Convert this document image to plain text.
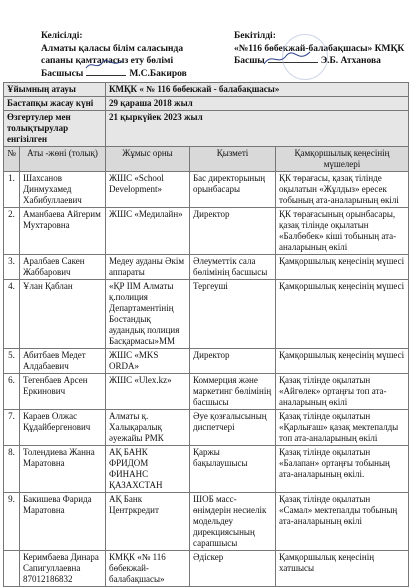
Келісілді:
Алматы қаласы білім саласында
сапаны қамтамасыз ету бөлімі
Басшысы	М.С.Бакиров
Бекітілді:
«№116 бөбекжай-балабақшасы» КМҚК
Басшы	Э.Б. Атханова
Ұйымның атауы		КМҚК « № 116 бөбекжай - балабақшасы»		
Бастапқы жасау күні		29 қараша 2018 жыл		
Өзгертулер мен толықтырулар енгізілген		21 қыркүйек 2023 жыл		
№	Аты -жөні (толық)	Жұмыс орны	Қызметі	Қамқоршылық кеңесінің мүшелері
1.	Шахсанов Динмухамед Хабибуллаевич	ЖШС «School Development»	Бас директорының орынбасары	ҚК төрағасы, қазақ тілінде оқылатын «Жұлдыз» ересек тобының ата-аналарының өкілі
2.	Аманбаева Айгерим Мухтаровна	ЖШС «Медилайн»	Директор	ҚК төрағасының орынбасары, қазақ тілінде оқылатын «Балбөбек» кіші тобының ата-аналарының өкілі
3.	Аралбаев Сакен Жаббарович	Медеу ауданы Әкім аппараты	Әлеуметтік сала бөлімінің басшысы	Қамқоршылық кеңесінің мүшесі
4.	Ұлан Қаблан	«ҚР ІІМ Алматы қ.полиция Департаментінің Бостандық аудандық полиция Басқармасы»ММ	Тергеуші	Қамқоршылық кеңесінің мүшесі
5.	Абитбаев Медет Алдабаевич	ЖШС «MKS ORDA»	Директор	Қамқоршылық кеңесінің мүшесі
6.	Тегенбаев Арсен Еркинович	ЖШС «Ulex.kz»	Коммерция және маркетинг бөлімінің басшысы	Қазақ тілінде оқылатын «Айгөлек» ортаңғы топ ата-аналарының өкілі
7.	Караев Олжас Құдайбергенович	Алматы қ. Халықаралық әуежайы РМК	Әуе қозғалысының диспетчері	Қазақ тілінде оқылатын «Қарлығаш» қазақ мектепалды топ ата-аналарының өкілі
8.	Толендиева Жанна Маратовна	АҚ БАНК ФРИДОМ ФИНАНС ҚАЗАХСТАН	Қаржы бақылаушысы	Қазақ тілінде оқылатын «Балапан» ортаңғы тобының ата-аналарының өкілі.
9.	Бакишева Фарида Маратовна	АҚ Банк Центркредит	ШОБ масс-өнімдерін несиелік модельдеу дирекциясының сарапшысы	Қазақ тілінде оқылатын «Самал» мектепалды тобының ата-аналарының өкілі
	Керимбаева Динара Сапигуллаевна 87012186832	КМҚК «№ 116 бөбекжай-балабақшасы»	Әдіскер	Қамқоршылық кеңесінің хатшысы
